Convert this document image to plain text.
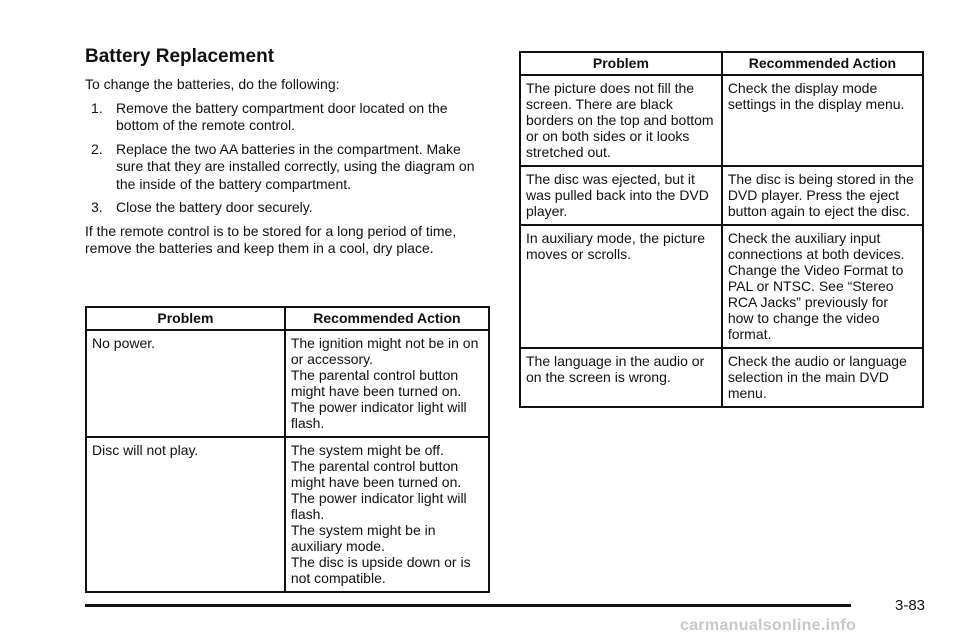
Battery Replacement

To change the batteries, do the following:

1. Remove the battery compartment door located on the bottom of the remote control.
2. Replace the two AA batteries in the compartment. Make sure that they are installed correctly, using the diagram on the inside of the battery compartment.
3. Close the battery door securely.

If the remote control is to be stored for a long period of time, remove the batteries and keep them in a cool, dry place.

Problem	Recommended Action
No power.	The ignition might not be in on or accessory.
The parental control button might have been turned on. The power indicator light will flash.

Disc will not play.	The system might be off.
The parental control button might have been turned on. The power indicator light will flash.
The system might be in auxiliary mode.
The disc is upside down or is not compatible.
Problem	Recommended Action
The picture does not fill the screen. There are black borders on the top and bottom or on both sides or it looks stretched out.	Check the display mode settings in the display menu.

The disc was ejected, but it was pulled back into the DVD player.	The disc is being stored in the DVD player. Press the eject button again to eject the disc.

In auxiliary mode, the picture moves or scrolls.	Check the auxiliary input connections at both devices.
Change the Video Format to PAL or NTSC. See “Stereo RCA Jacks” previously for how to change the video format.

The language in the audio or on the screen is wrong.	Check the audio or language selection in the main DVD menu.
3-83
carmanualsonline.info
